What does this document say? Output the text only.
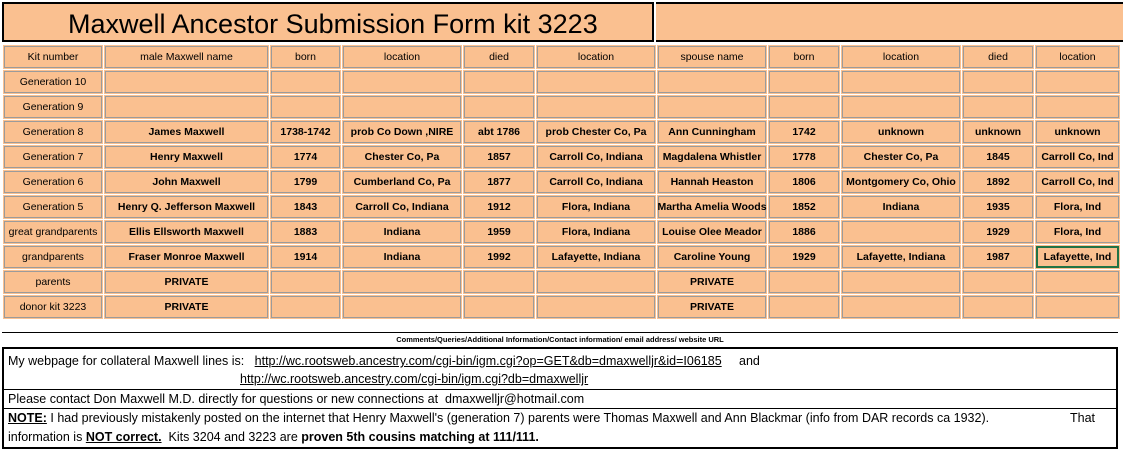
Maxwell Ancestor Submission Form kit 3223
Kit number	male Maxwell name	born	location	died	location	spouse name	born	location	died	location

Generation 10										

Generation 9										

Generation 8	James Maxwell	1738-1742	prob Co Down ,NIRE	abt 1786	prob Chester Co, Pa	Ann Cunningham	1742	unknown	unknown	unknown

Generation 7	Henry Maxwell	1774	Chester Co, Pa	1857	Carroll Co, Indiana	Magdalena Whistler	1778	Chester Co, Pa	1845	Carroll Co, Ind

Generation 6	John Maxwell	1799	Cumberland Co, Pa	1877	Carroll Co, Indiana	Hannah Heaston	1806	Montgomery Co, Ohio	1892	Carroll Co, Ind

Generation 5	Henry Q. Jefferson Maxwell	1843	Carroll Co, Indiana	1912	Flora, Indiana	Martha Amelia Woods	1852	Indiana	1935	Flora, Ind

great grandparents	Ellis Ellsworth Maxwell	1883	Indiana	1959	Flora, Indiana	Louise Olee Meador	1886		1929	Flora, Ind

grandparents	Fraser Monroe Maxwell	1914	Indiana	1992	Lafayette, Indiana	Caroline Young	1929	Lafayette, Indiana	1987	Lafayette, Ind

parents	PRIVATE					PRIVATE				

donor kit 3223	PRIVATE					PRIVATE				

Comments/Queries/Additional Information/Contact information/ email address/ website URL
My webpage for collateral Maxwell lines is: http://wc.rootsweb.ancestry.com/cgi-bin/igm.cgi?op=GET&db=dmaxwelljr&id=I06185 and
http://wc.rootsweb.ancestry.com/cgi-bin/igm.cgi?db=dmaxwelljr
Please contact Don Maxwell M.D. directly for questions or new connections at dmaxwelljr@hotmail.com
NOTE: I had previously mistakenly posted on the internet that Henry Maxwell's (generation 7) parents were Thomas Maxwell and Ann Blackmar (info from DAR records ca 1932).	That
information is NOT correct. Kits 3204 and 3223 are proven 5th cousins matching at 111/111.
